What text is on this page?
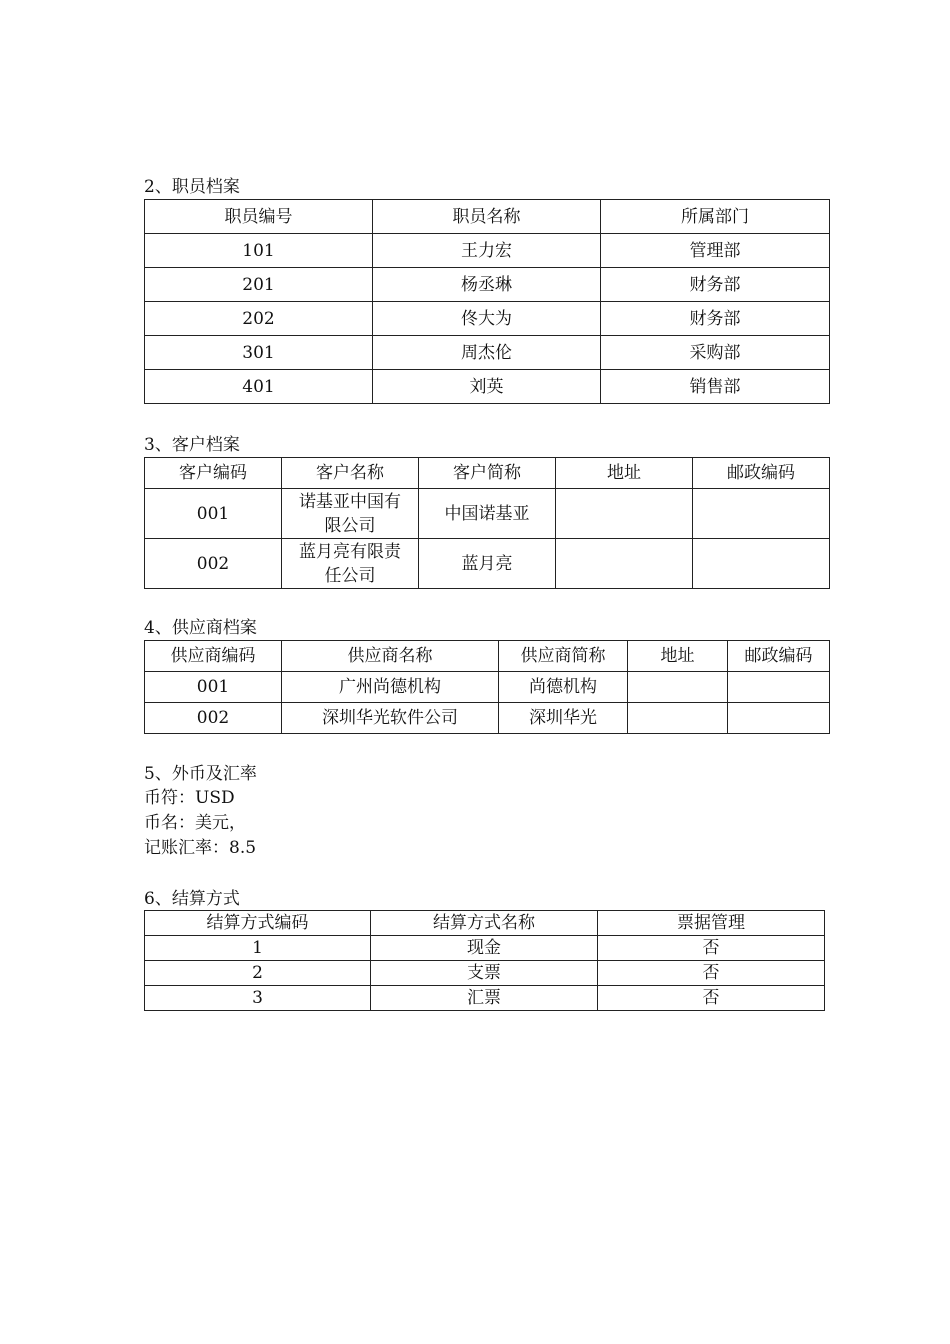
2、职员档案
职员编号	职员名称	所属部门
101	王力宏	管理部
201	杨丞琳	财务部
202	佟大为	财务部
301	周杰伦	采购部
401	刘英	销售部
3、客户档案
客户编码	客户名称	客户简称	地址	邮政编码
001	诺基亚中国有限公司	中国诺基亚		
002	蓝月亮有限责任公司	蓝月亮		
4、供应商档案
供应商编码	供应商名称	供应商简称	地址	邮政编码
001	广州尚德机构	尚德机构		
002	深圳华光软件公司	深圳华光		
5、外币及汇率
币符：USD
币名：美元，
记账汇率：8.5
6、结算方式
结算方式编码	结算方式名称	票据管理
1	现金	否
2	支票	否
3	汇票	否
